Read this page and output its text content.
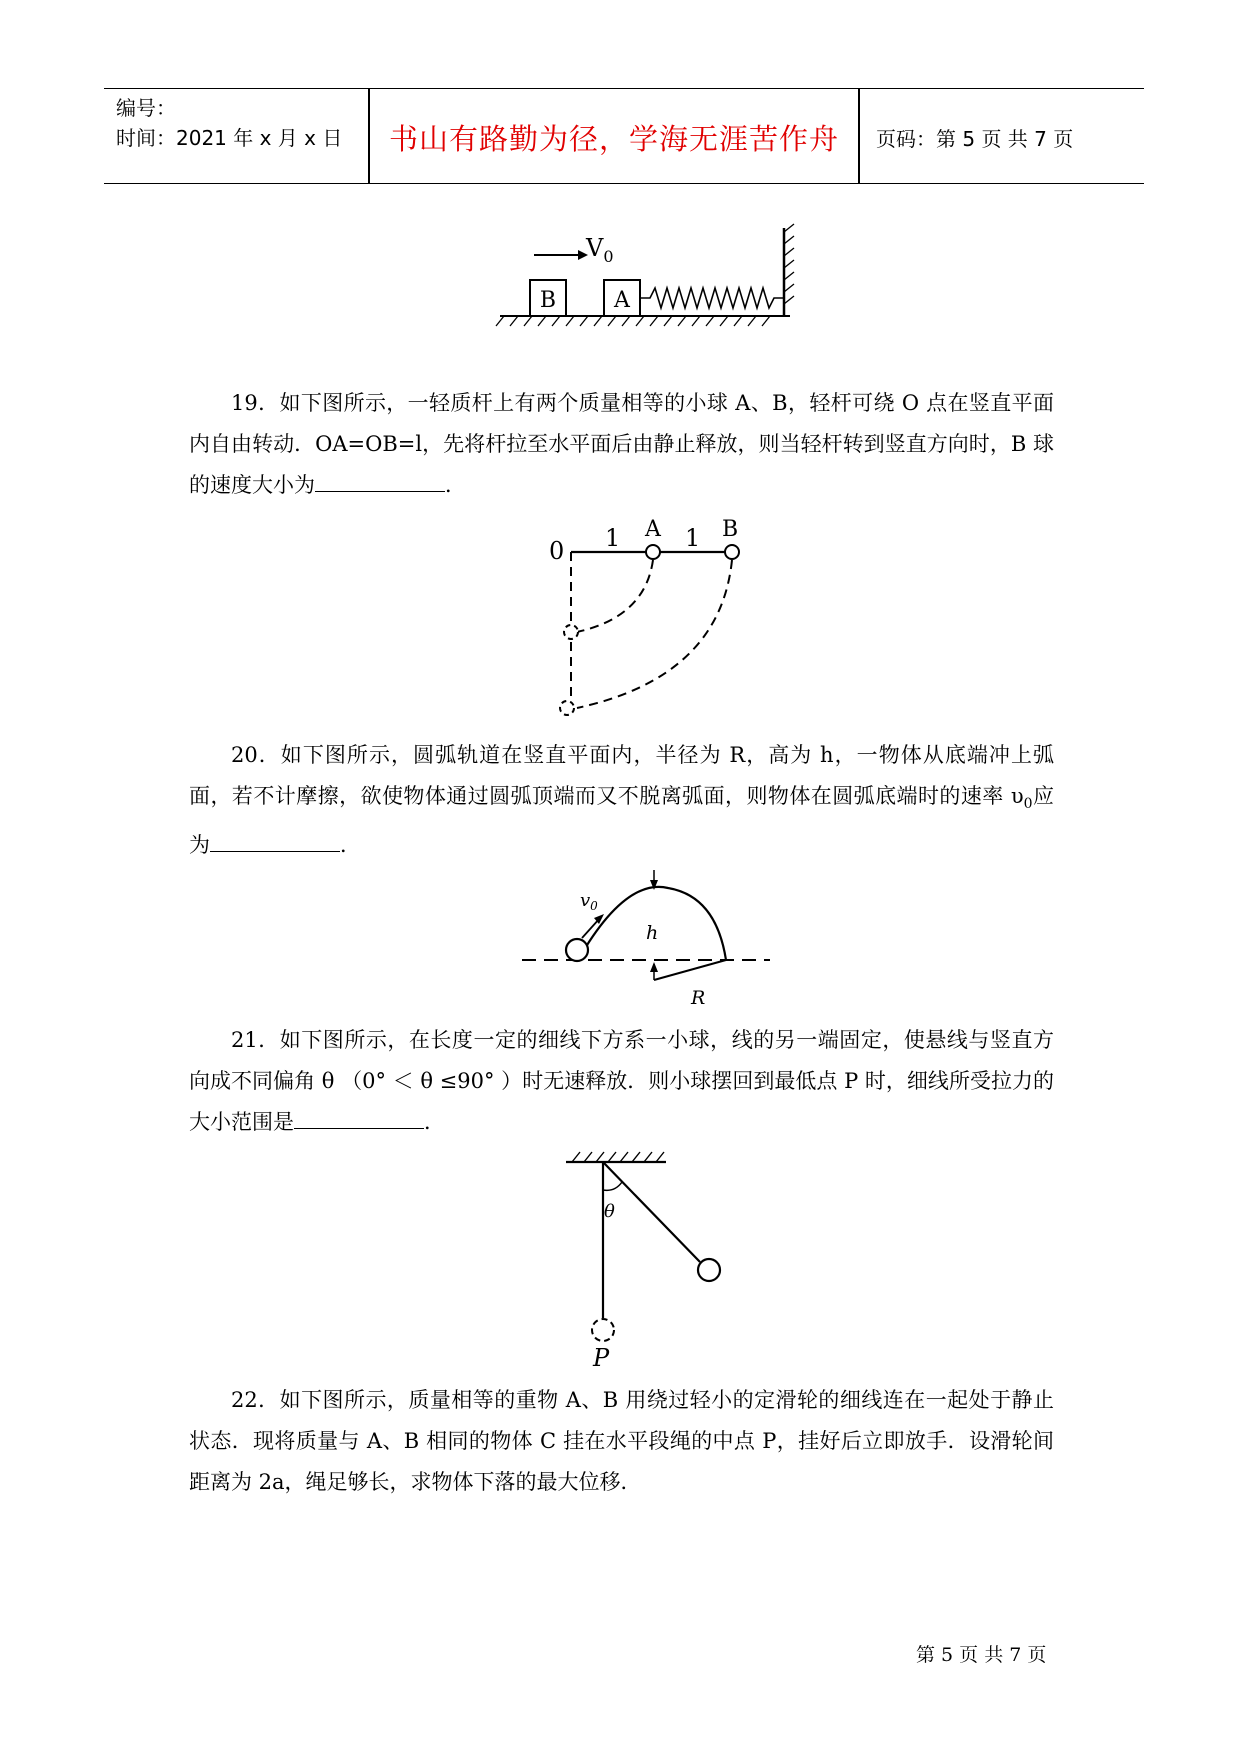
编号：
时间：2021 年 x 月 x 日	书山有路勤为径，学海无涯苦作舟	页码：第 5 页 共 7 页
B	A
$V_0$
19．如下图所示，一轻质杆上有两个质量相等的小球 A、B，轻杆可绕 O 点在竖直平面内自由转动．OA=OB=l，先将杆拉至水平面后由静止释放，则当轻杆转到竖直方向时，B 球的速度大小为	．
0 1 A 1 B
20．如下图所示，圆弧轨道在竖直平面内，半径为 R，高为 h，一物体从底端冲上弧面，若不计摩擦，欲使物体通过圆弧顶端而又不脱离弧面，则物体在圆弧底端时的速率 $\upsilon_0$应为	．
$v_0$
h
R
21．如下图所示，在长度一定的细线下方系一小球，线的另一端固定，使悬线与竖直方向成不同偏角 θ （0° ＜ θ ≤90° ）时无速释放．则小球摆回到最低点 P 时，细线所受拉力的大小范围是	．
θ
P
22．如下图所示，质量相等的重物 A、B 用绕过轻小的定滑轮的细线连在一起处于静止状态．现将质量与 A、B 相同的物体 C 挂在水平段绳的中点 P，挂好后立即放手．设滑轮间距离为 2a，绳足够长，求物体下落的最大位移．
第 5 页 共 7 页
